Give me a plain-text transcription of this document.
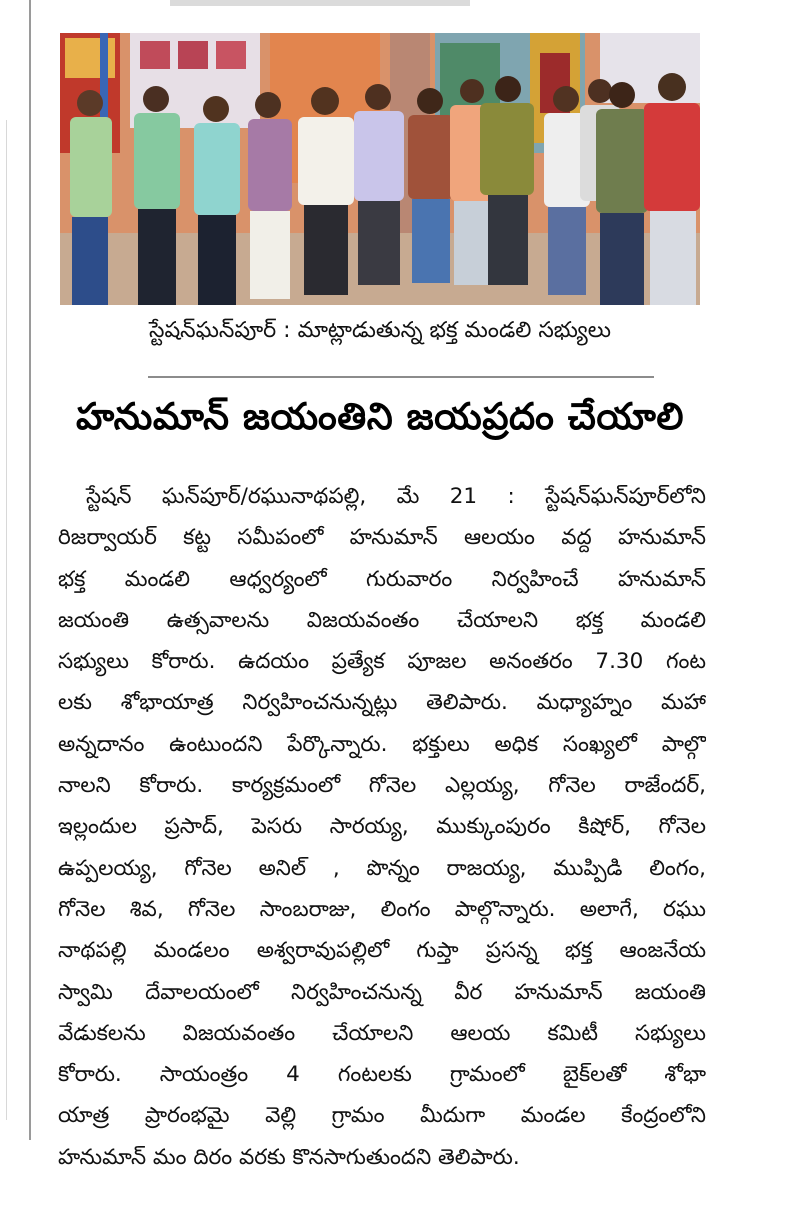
స్టేషన్‌ఘన్‌పూర్ : మాట్లాడుతున్న భక్త మండలి సభ్యులు
హనుమాన్ జయంతిని జయప్రదం చేయాలి
స్టేషన్ ఘన్‌పూర్/రఘునాథపల్లి, మే 21 : స్టేషన్‌ఘన్‌పూర్‌లోని
రిజర్వాయర్ కట్ట సమీపంలో హనుమాన్ ఆలయం వద్ద హనుమాన్
భక్త మండలి ఆధ్వర్యంలో గురువారం నిర్వహించే హనుమాన్
జయంతి ఉత్సవాలను విజయవంతం చేయాలని భక్త మండలి
సభ్యులు కోరారు. ఉదయం ప్రత్యేక పూజల అనంతరం 7.30 గంట
లకు శోభాయాత్ర నిర్వహించనున్నట్లు తెలిపారు. మధ్యాహ్నం మహా
అన్నదానం ఉంటుందని పేర్కొన్నారు. భక్తులు అధిక సంఖ్యలో పాల్గొ
నాలని కోరారు. కార్యక్రమంలో గోనెల ఎల్లయ్య, గోనెల రాజేందర్,
ఇల్లందుల ప్రసాద్, పెసరు సారయ్య, ముక్కుంపురం కిషోర్, గోనెల
ఉప్పలయ్య, గోనెల అనిల్ , పొన్నం రాజయ్య, ముప్పిడి లింగం,
గోనెల శివ, గోనెల సాంబరాజు, లింగం పాల్గొన్నారు. అలాగే, రఘు
నాథపల్లి మండలం అశ్వరావుపల్లిలో గుప్తా ప్రసన్న భక్త ఆంజనేయ
స్వామి దేవాలయంలో నిర్వహించనున్న వీర హనుమాన్ జయంతి
వేడుకలను విజయవంతం చేయాలని ఆలయ కమిటీ సభ్యులు
కోరారు. సాయంత్రం 4 గంటలకు గ్రామంలో బైక్‌లతో శోభా
యాత్ర ప్రారంభమై వెల్లి గ్రామం మీదుగా మండల కేంద్రంలోని
హనుమాన్ మం దిరం వరకు కొనసాగుతుందని తెలిపారు.
